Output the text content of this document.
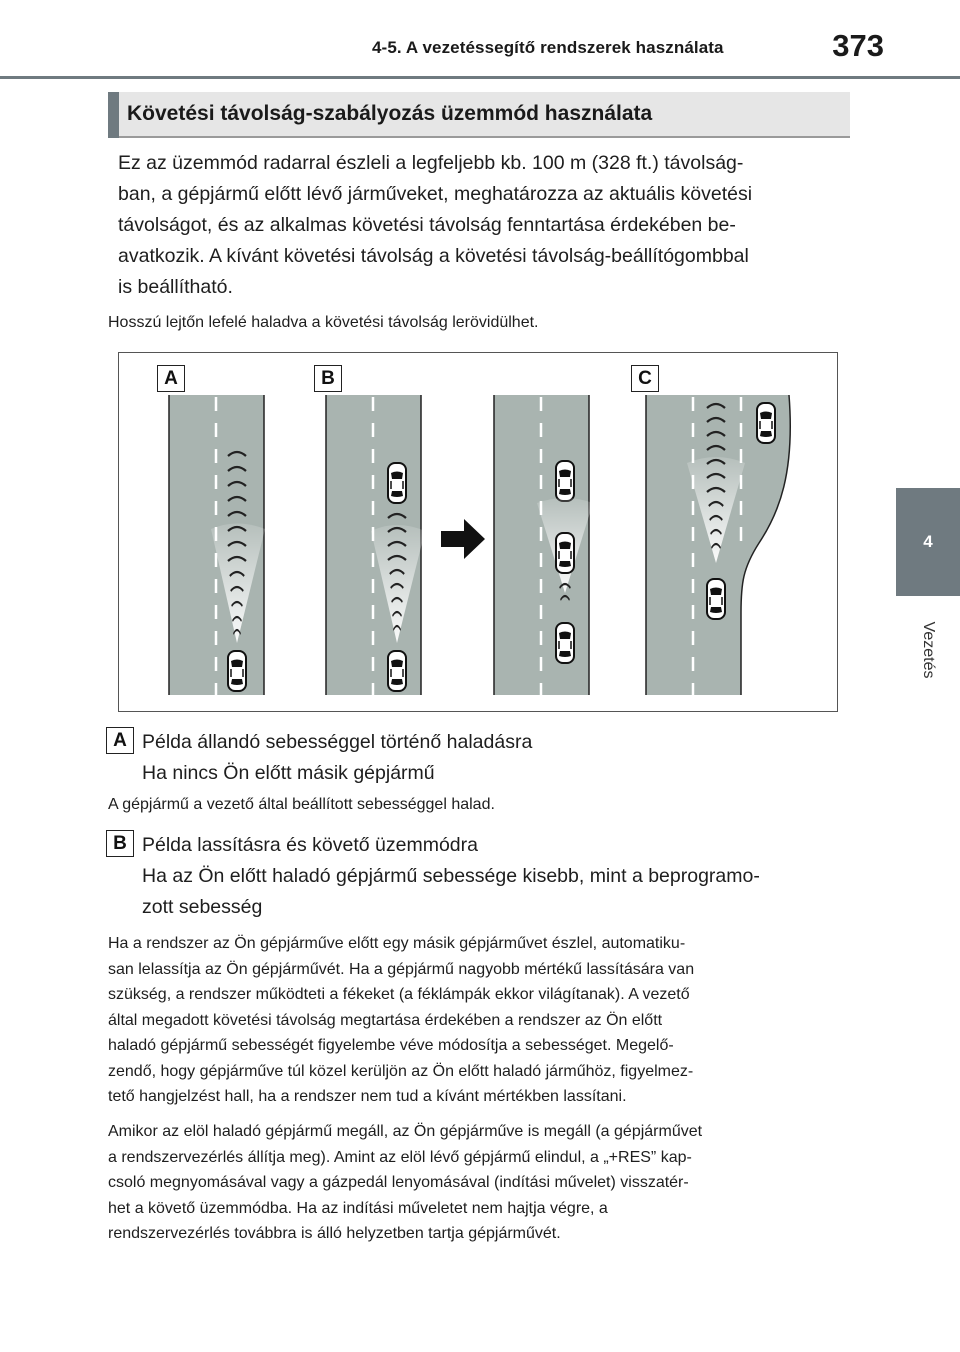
4-5. A vezetéssegítő rendszerek használata	373
4
Vezetés
Követési távolság-szabályozás üzemmód használata
Ez az üzemmód radarral észleli a legfeljebb kb. 100 m (328 ft.) távolság-
ban, a gépjármű előtt lévő járműveket, meghatározza az aktuális követési
távolságot, és az alkalmas követési távolság fenntartása érdekében be-
avatkozik. A kívánt követési távolság a követési távolság-beállítógombbal
is beállítható.
Hosszú lejtőn lefelé haladva a követési távolság lerövidülhet.
A	B	C
A Példa állandó sebességgel történő haladásra
Ha nincs Ön előtt másik gépjármű
A gépjármű a vezető által beállított sebességgel halad.
B Példa lassításra és követő üzemmódra
Ha az Ön előtt haladó gépjármű sebessége kisebb, mint a beprogramo-
zott sebesség
Ha a rendszer az Ön gépjárműve előtt egy másik gépjárművet észlel, automatiku-
san lelassítja az Ön gépjárművét. Ha a gépjármű nagyobb mértékű lassítására van
szükség, a rendszer működteti a fékeket (a féklámpák ekkor világítanak). A vezető
által megadott követési távolság megtartása érdekében a rendszer az Ön előtt
haladó gépjármű sebességét figyelembe véve módosítja a sebességet. Megelő-
zendő, hogy gépjárműve túl közel kerüljön az Ön előtt haladó járműhöz, figyelmez-
tető hangjelzést hall, ha a rendszer nem tud a kívánt mértékben lassítani.
Amikor az elöl haladó gépjármű megáll, az Ön gépjárműve is megáll (a gépjárművet
a rendszervezérlés állítja meg). Amint az elöl lévő gépjármű elindul, a „+RES” kap-
csoló megnyomásával vagy a gázpedál lenyomásával (indítási művelet) visszatér-
het a követő üzemmódba. Ha az indítási műveletet nem hajtja végre, a
rendszervezérlés továbbra is álló helyzetben tartja gépjárművét.
